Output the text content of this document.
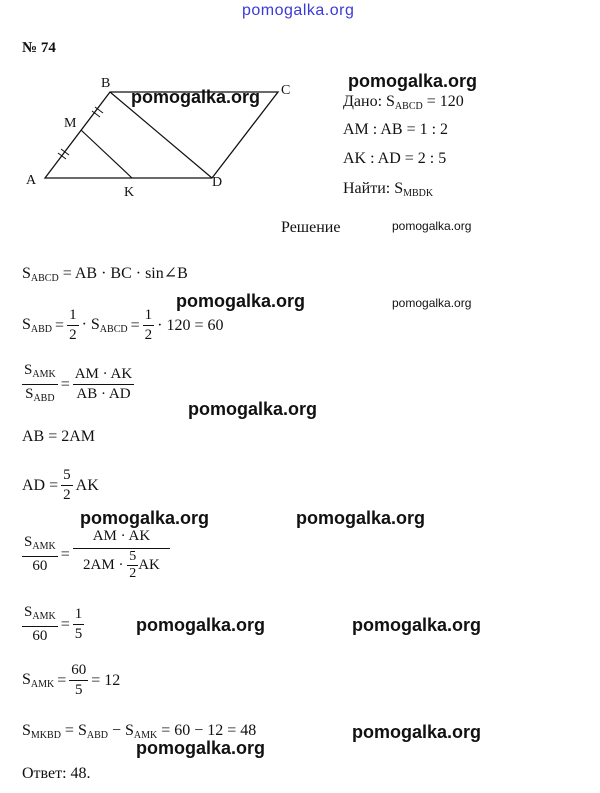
pomogalka.org
№ 74
A
B	C
D
M
K
pomogalka.org
pomogalka.org
Дано: $S_{ABCD} = 120$
AM : AB = 1 : 2
AK : AD = 2 : 5
Найти: $S_{MBDK}$
Решение	pomogalka.org
$S_{ABCD}$ = AB · BC · sin∠B
pomogalka.org	pomogalka.org
$S_{ABD} = \frac{1}{2} \cdot S_{ABCD} = \frac{1}{2} \cdot 120 = 60$
$\frac{S_{AMK}}{S_{ABD}} = \frac{AM \cdot AK}{AB \cdot AD}$
pomogalka.org
AB = 2AM
AD = $\frac{5}{2}$ AK
pomogalka.org	pomogalka.org
$\frac{S_{AMK}}{60}$ = AM · AK
2AM ·
$\frac{5}{2}$ AK
$\frac{S_{AMK}}{60} = \frac{1}{5}$	pomogalka.org	pomogalka.org
$S_{AMK} = \frac{60}{5} = 12$
$S_{MKBD} = S_{ABD} - S_{AMK} = 60 - 12 = 48$	pomogalka.org
pomogalka.org
Ответ: 48.
